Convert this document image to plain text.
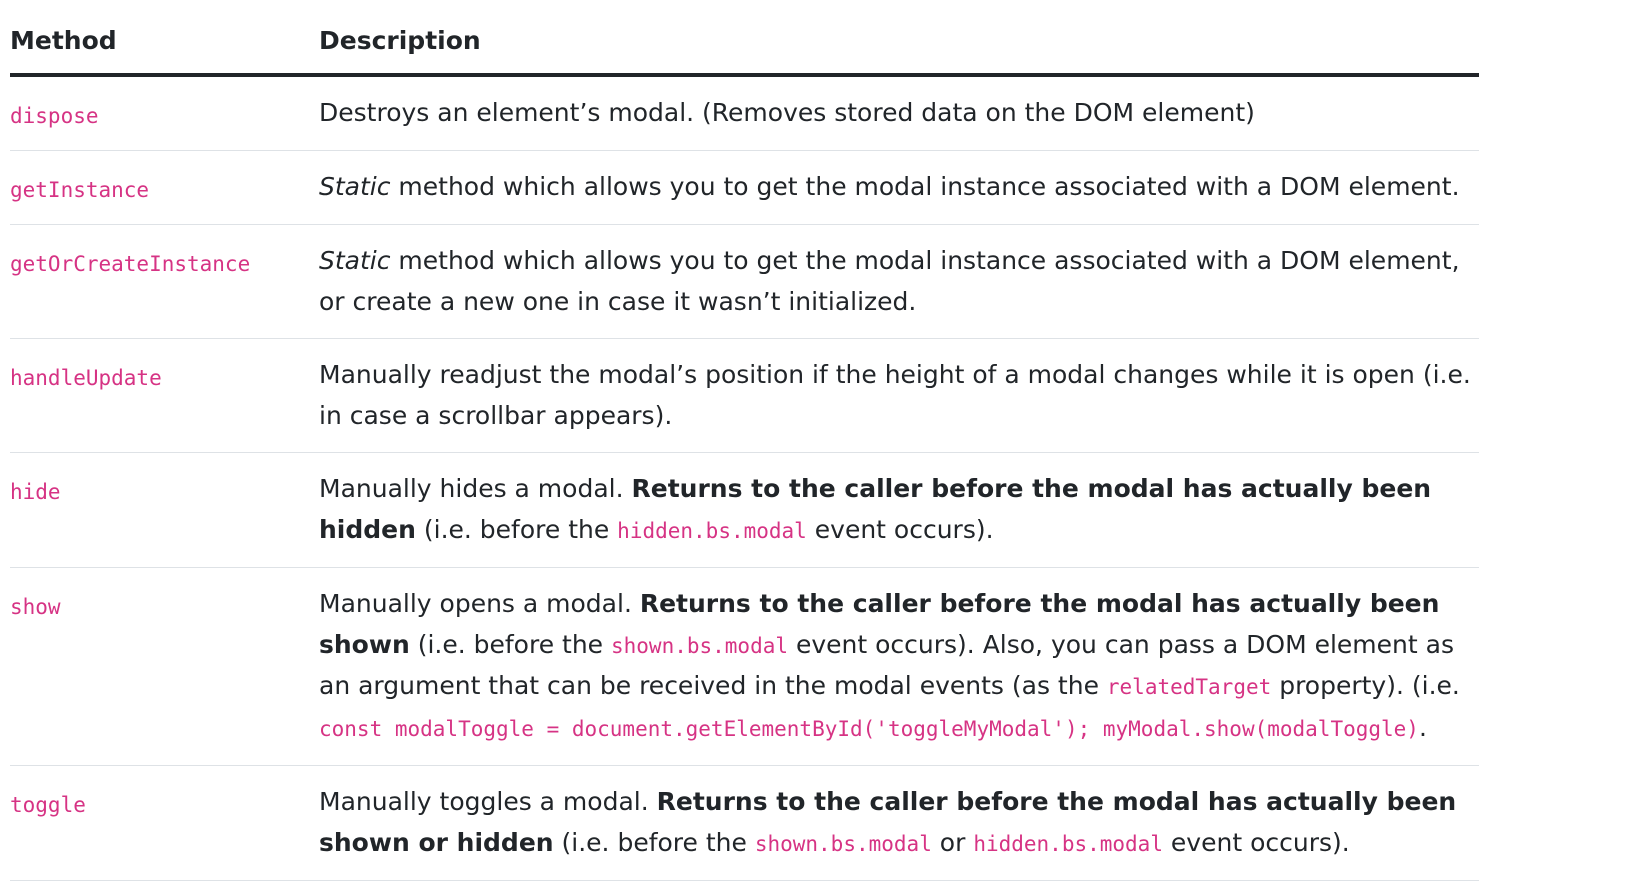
Method	Description
dispose	Destroys an element’s modal. (Removes stored data on the DOM element)
getInstance	Static method which allows you to get the modal instance associated with a DOM element.
getOrCreateInstance	Static method which allows you to get the modal instance associated with a DOM element, or create a new one in case it wasn’t initialized.
handleUpdate	Manually readjust the modal’s position if the height of a modal changes while it is open (i.e. in case a scrollbar appears).
hide	Manually hides a modal. Returns to the caller before the modal has actually been hidden (i.e. before the hidden.bs.modal event occurs).
show	Manually opens a modal. Returns to the caller before the modal has actually been shown (i.e. before the shown.bs.modal event occurs). Also, you can pass a DOM element as an argument that can be received in the modal events (as the relatedTarget property). (i.e. const modalToggle = document.getElementById('toggleMyModal'); myModal.show(modalToggle).
toggle	Manually toggles a modal. Returns to the caller before the modal has actually been shown or hidden (i.e. before the shown.bs.modal or hidden.bs.modal event occurs).
